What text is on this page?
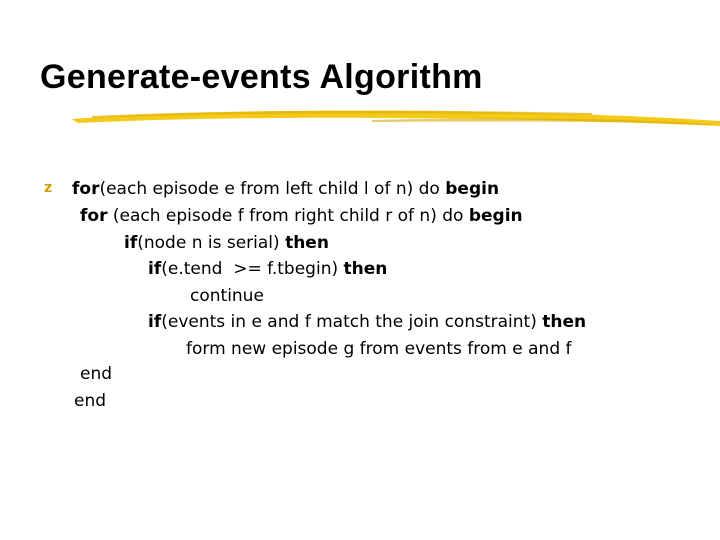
Generate-events Algorithm
z for(each episode e from left child l of n) do begin
for (each episode f from right child r of n) do begin
if(node n is serial) then
if(e.tend  >= f.tbegin) then
continue
if(events in e and f match the join constraint) then
form new episode g from events from e and f
end
end
